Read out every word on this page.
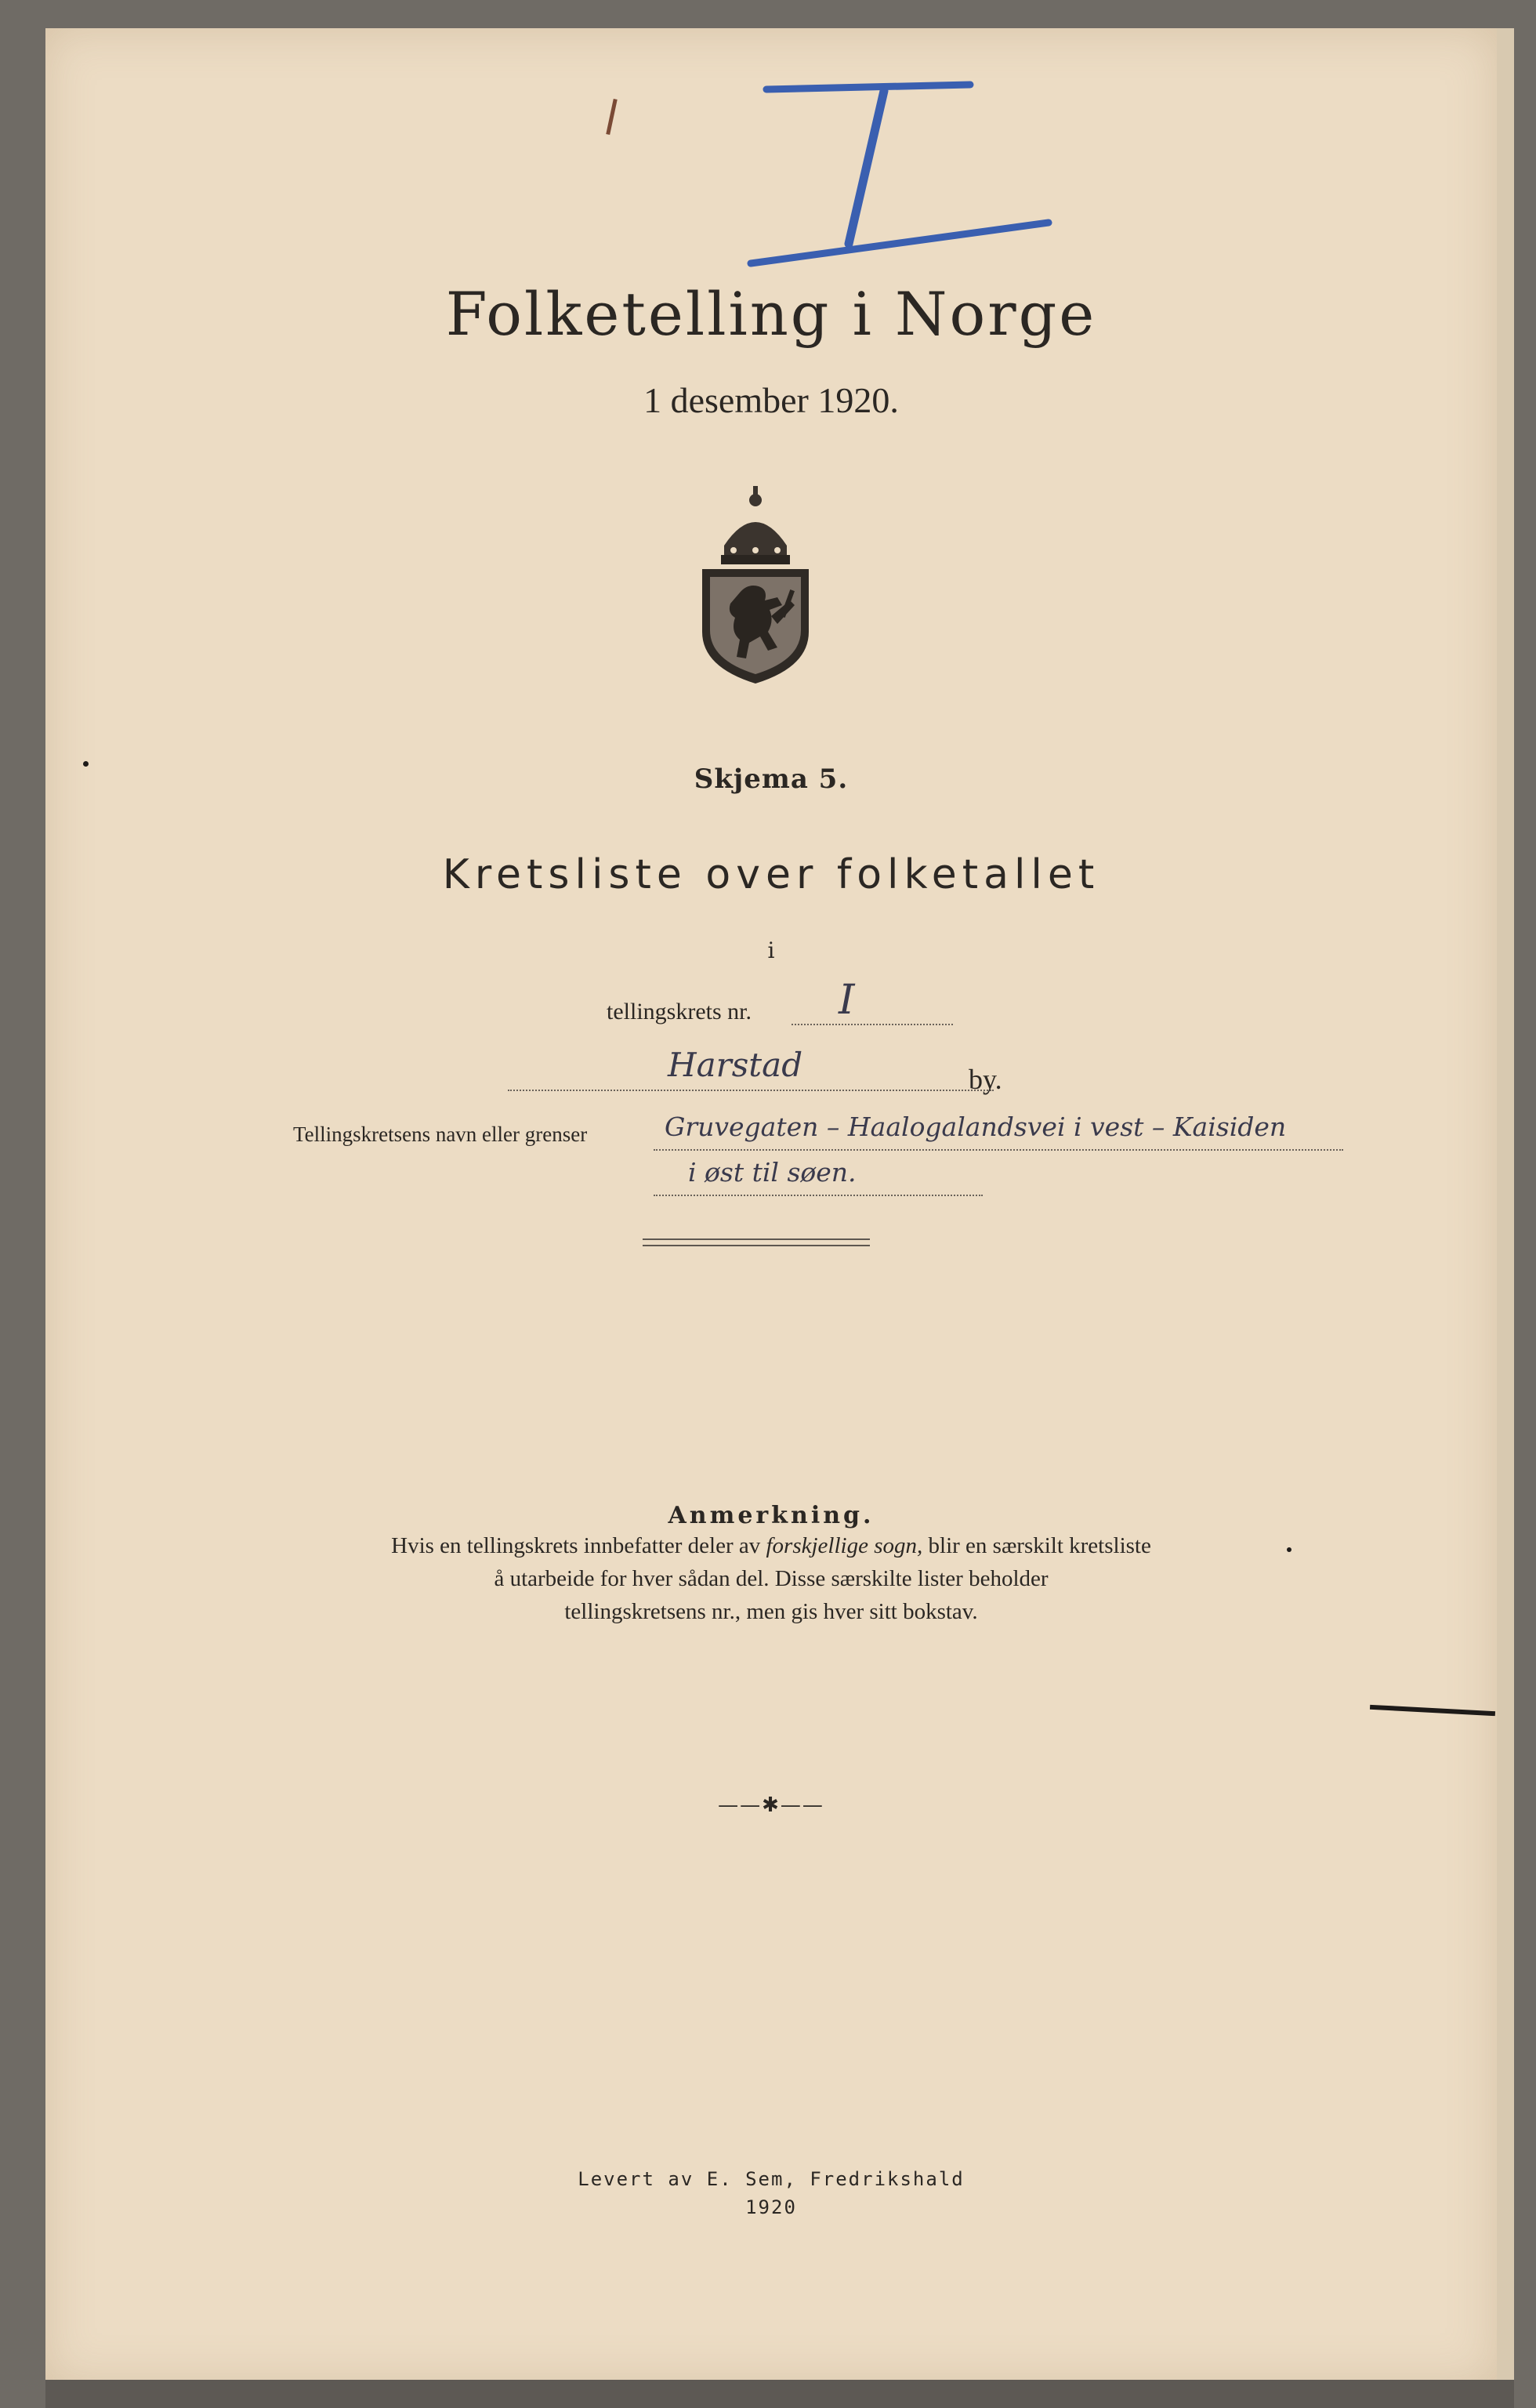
Folketelling i Norge
1 desember 1920.
Skjema 5.
Kretsliste over folketallet
i
tellingskrets nr. I
Harstad	by.
Tellingskretsens navn eller grenser	Gruvegaten – Haalogalandsvei i vest – Kaisiden
i øst til søen.
Anmerkning.
Hvis en tellingskrets innbefatter deler av forskjellige sogn, blir en særskilt kretsliste
å utarbeide for hver sådan del. Disse særskilte lister beholder
tellingskretsens nr., men gis hver sitt bokstav.
——✱——
Levert av E. Sem, Fredrikshald
1920
